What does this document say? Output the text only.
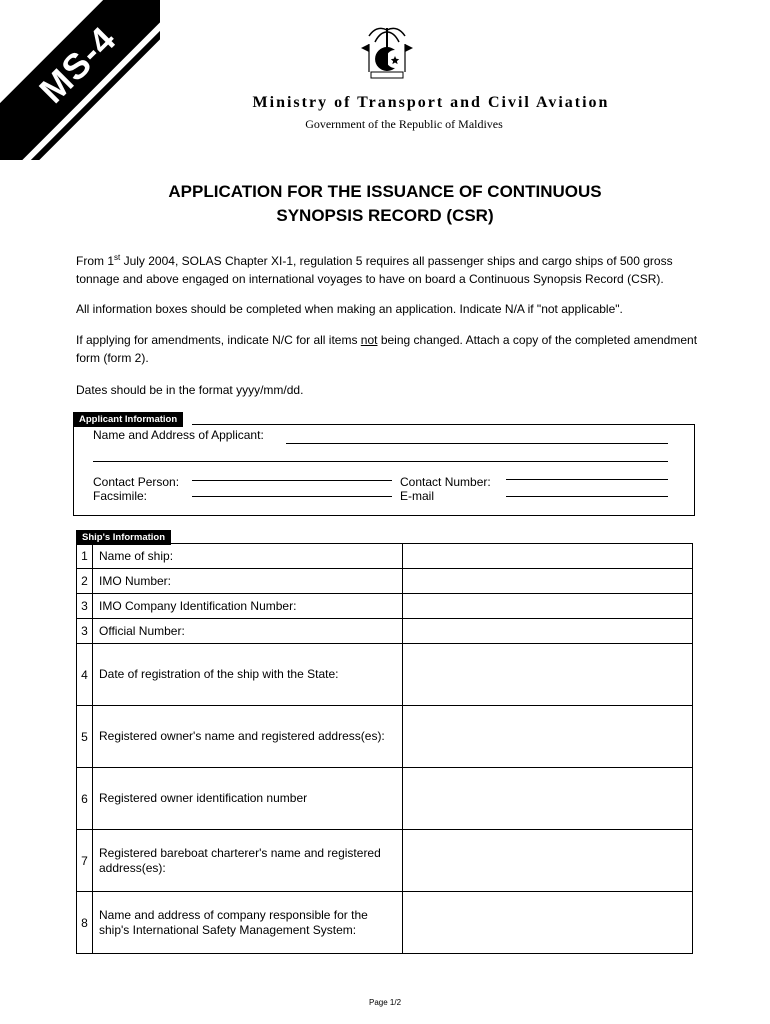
MS-4	Ministry of Transport and Civil Aviation
Government of the Republic of Maldives
APPLICATION FOR THE ISSUANCE OF CONTINUOUS
SYNOPSIS RECORD (CSR)
From 1st July 2004, SOLAS Chapter XI-1, regulation 5 requires all passenger ships and cargo ships of 500 gross tonnage and above engaged on international voyages to have on board a Continuous Synopsis Record (CSR).
All information boxes should be completed when making an application. Indicate N/A if "not applicable".
If applying for amendments, indicate N/C for all items not being changed. Attach a copy of the completed amendment form (form 2).
Dates should be in the format yyyy/mm/dd.
Applicant Information
Name and Address of Applicant:
Contact Person:	Contact Number:
Facsimile:	E-mail
Ship's Information
1	Name of ship:	
2	IMO Number:	
3	IMO Company Identification Number:	
3	Official Number:	
4	Date of registration of the ship with the State:	
5	Registered owner's name and registered address(es):	
6	Registered owner identification number	
7	Registered bareboat charterer's name and registered address(es):	
8	Name and address of company responsible for the ship's International Safety Management System:	
Page 1/2
